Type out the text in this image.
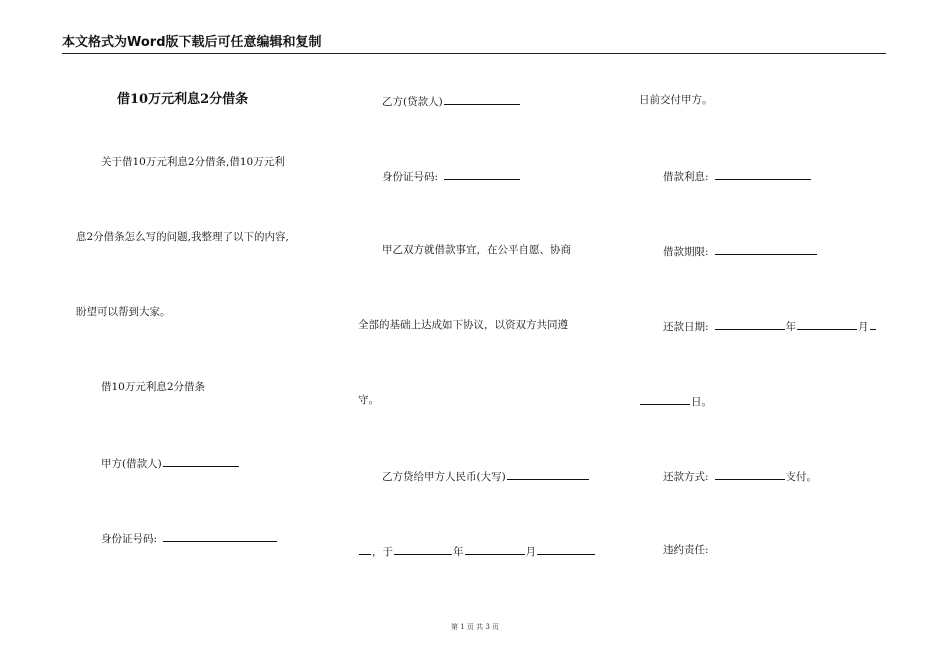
本文格式为Word版下载后可任意编辑和复制
借10万元利息2分借条
关于借10万元利息2分借条,借10万元利
息2分借条怎么写的问题,我整理了以下的内容,
盼望可以帮到大家。
借10万元利息2分借条
甲方(借款人)
身份证号码:
乙方(贷款人)
身份证号码:
甲乙双方就借款事宜，在公平自愿、协商
全部的基础上达成如下协议，以资双方共同遵
守。
乙方贷给甲方人民币(大写)
，于	年	月
日前交付甲方。
借款利息:
借款期限:
还款日期:	年	月
日。
还款方式:	支付。
违约责任:
第 1 页 共 3 页
